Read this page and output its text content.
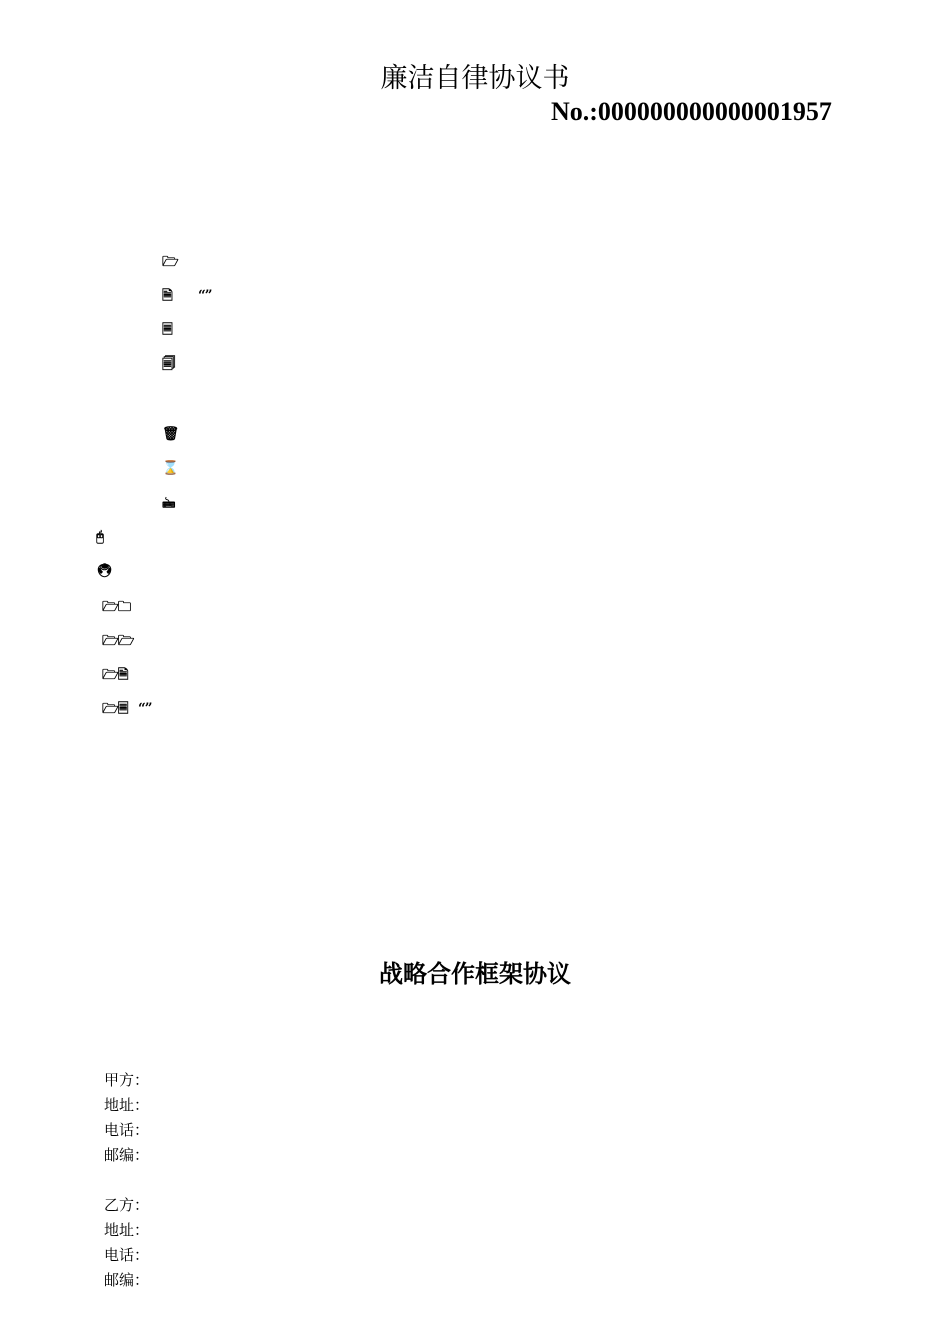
廉洁自律协议书
No.:000000000000001957
🗁
🗎 “”
🗏
🗐
🗑
⌛
🖮
🖰
🖲
🗁🗀
🗁🗁
🗁🗎
🗁🗏 “”
战略合作框架协议
甲方：
地址：
电话：
邮编：
乙方：
地址：
电话：
邮编：
